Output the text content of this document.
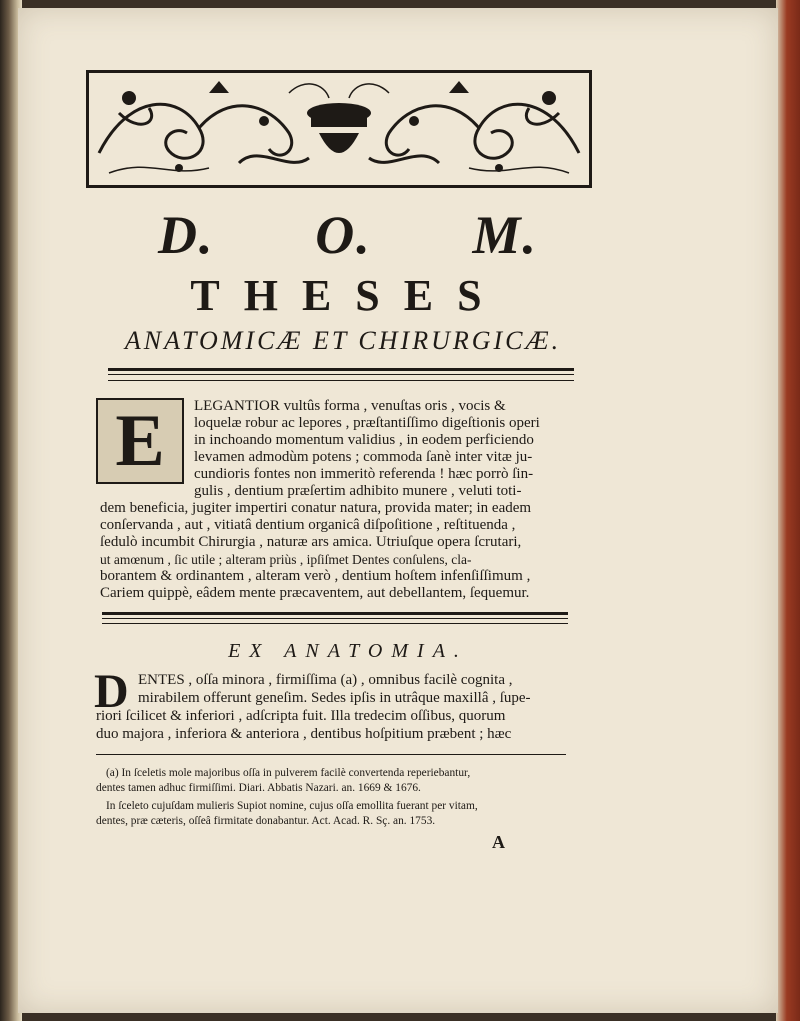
D. O. M.
THESES
ANATOMICÆ ET CHIRURGICÆ.
E	LEGANTIOR vultûs forma , venuſtas oris , vocis &
loquelæ robur ac lepores , præſtantiſſimo digeſtionis operi
in inchoando momentum validius , in eodem perficiendo
levamen admodùm potens ; commoda ſanè inter vitæ ju-
cundioris fontes non immeritò referenda ! hæc porrò ſin-
gulis , dentium præſertim adhibito munere , veluti toti-
dem beneficia, jugiter impertiri conatur natura, provida mater; in eadem
conſervanda , aut , vitiatâ dentium organicâ diſpoſitione , reſtituenda ,
ſedulò incumbit Chirurgia , naturæ ars amica. Utriuſque opera ſcrutari,
ut amœnum , ſic utile ; alteram priùs , ipſiſmet Dentes conſulens, cla-
borantem & ordinantem , alteram verò , dentium hoſtem infenſiſſimum ,
Cariem quippè, eâdem mente præcaventem, aut debellantem, ſequemur.
EX ANATOMIA.
D ENTES , oſſa minora , firmiſſima (a) , omnibus facilè cognita ,
mirabilem offerunt geneſim. Sedes ipſis in utrâque maxillâ , ſupe-
riori ſcilicet & inferiori , adſcripta fuit. Illa tredecim oſſibus, quorum
duo majora , inferiora & anteriora , dentibus hoſpitium præbent ; hæc
(a) In ſceletis mole majoribus oſſa in pulverem facilè convertenda reperiebantur,
dentes tamen adhuc firmiſſimi. Diari. Abbatis Nazari. an. 1669 & 1676.
In ſceleto cujuſdam mulieris Supiot nomine, cujus oſſa emollita fuerant per vitam,
dentes, præ cæteris, oſſeâ firmitate donabantur. Act. Acad. R. Sç. an. 1753.
A
